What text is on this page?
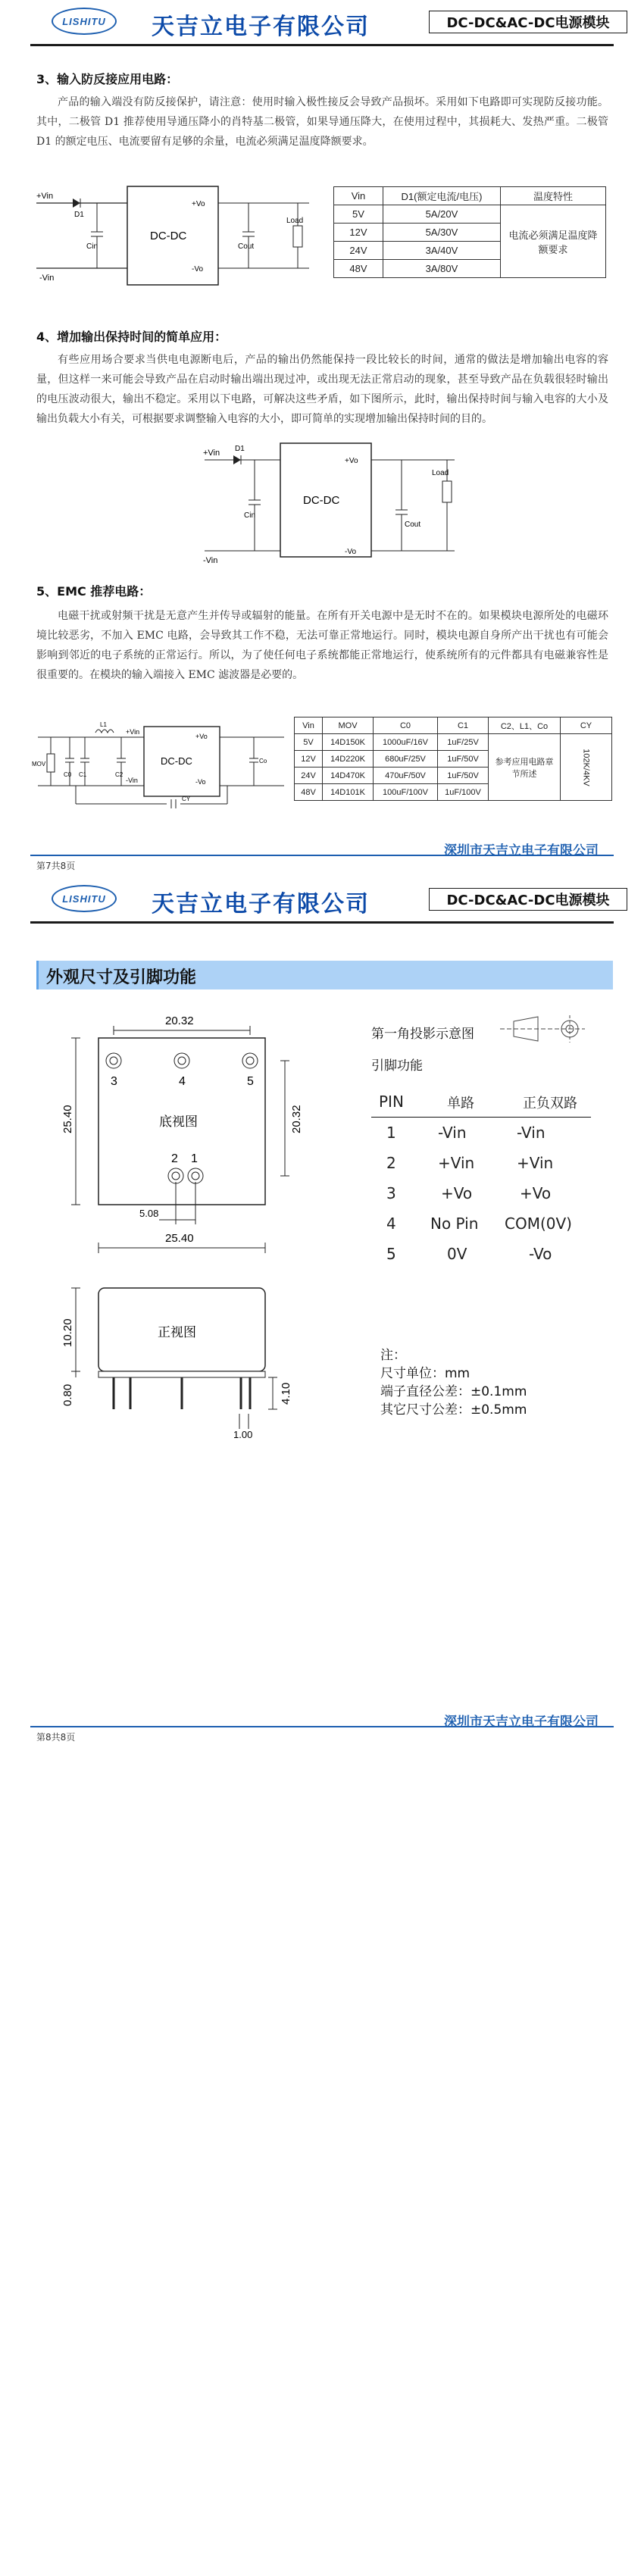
LISHITU	天吉立电子有限公司	DC-DC&AC-DC电源模块
3、输入防反接应用电路：
产品的输入端没有防反接保护，请注意：使用时输入极性接反会导致产品损坏。采用如下电路即可实现防反接功能。其中，二极管 D1 推荐使用导通压降小的肖特基二极管，如果导通压降大，在使用过程中，其损耗大、发热严重。二极管 D1 的额定电压、电流要留有足够的余量，电流必须满足温度降额要求。
D1
+Vin
-Vin
Cin
DC-DC
+Vo
-Vo
Cout
Load
Vin	D1(额定电流/电压)	温度特性
5V	5A/20V	电流必须满足温度降额要求
12V	5A/30V	
24V	3A/40V	
48V	3A/80V	
4、增加输出保持时间的简单应用：
有些应用场合要求当供电电源断电后，产品的输出仍然能保持一段比较长的时间，通常的做法是增加输出电容的容量，但这样一来可能会导致产品在启动时输出端出现过冲，或出现无法正常启动的现象，甚至导致产品在负载很轻时输出的电压波动很大，输出不稳定。采用以下电路，可解决这些矛盾，如下图所示，此时，输出保持时间与输入电容的大小及输出负载大小有关，可根据要求调整输入电容的大小，即可简单的实现增加输出保持时间的目的。
+Vin
-Vin
D1
Cin
DC-DC
+Vo
-Vo
Cout
Load
5、EMC 推荐电路：
电磁干扰或射频干扰是无意产生并传导或辐射的能量。在所有开关电源中是无时不在的。如果模块电源所处的电磁环境比较恶劣，不加入 EMC 电路，会导致其工作不稳，无法可靠正常地运行。同时，模块电源自身所产出干扰也有可能会影响到邻近的电子系统的正常运行。所以，为了使任何电子系统都能正常地运行，使系统所有的元件都具有电磁兼容性是很重要的。在模块的输入端接入 EMC 滤波器是必要的。
MOV
C0 C1
L1
C2
+Vin
-Vin
DC-DC
+Vo
-Vo
Co
CY
Vin	MOV	C0	C1	C2、L1、Co	CY
5V	14D150K	1000uF/16V	1uF/25V	参考应用电路章节所述	102K/4KV

12V	14D220K	680uF/25V	1uF/50V		
24V	14D470K	470uF/50V	1uF/50V		
48V	14D101K	100uF/100V	1uF/100V		
深圳市天吉立电子有限公司
第7共8页
LISHITU	天吉立电子有限公司	DC-DC&AC-DC电源模块
外观尺寸及引脚功能
20.32
3	4	5
底视图
2 1
25.40	20.32
5.08
25.40
正视图
10.20
0.80	4.10
1.00
第一角投影示意图
引脚功能
PIN	单路	正负双路
1	-Vin	-Vin
2	+Vin	+Vin
3	+Vo	+Vo
4 No Pin COM(0V)
5	0V	-Vo
注：
尺寸单位：mm
端子直径公差：±0.1mm
其它尺寸公差：±0.5mm
深圳市天吉立电子有限公司
第8共8页
